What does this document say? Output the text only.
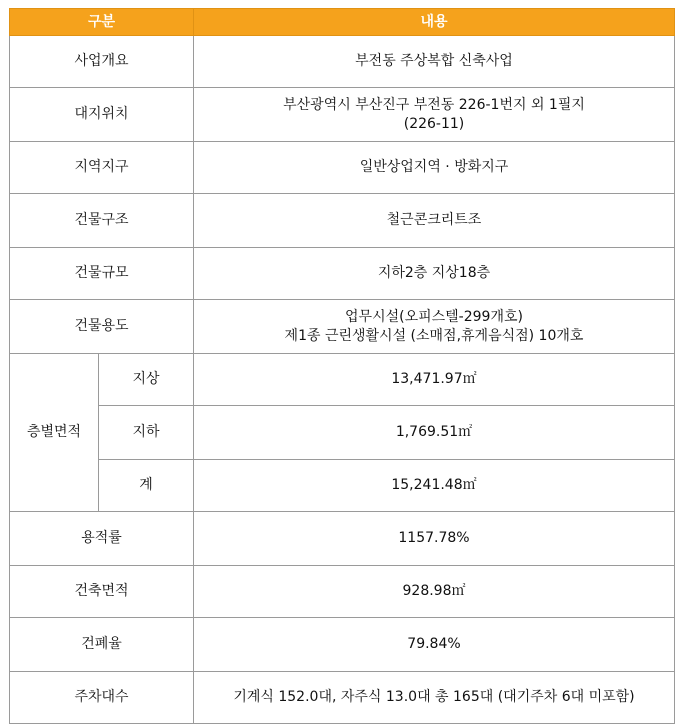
구분		내용
사업개요		부전동 주상복합 신축사업
대지위치		부산광역시 부산진구 부전동 226-1번지 외 1필지
(226-11)

지역지구		일반상업지역 · 방화지구
건물구조		철근콘크리트조
건물규모		지하2층 지상18층
건물용도		업무시설(오피스텔-299개호)
제1종 근린생활시설 (소매점,휴게음식점) 10개호

층별면적	지상	13,471.97㎡
	지하	1,769.51㎡
	계	15,241.48㎡
용적률		1157.78%
건축면적		928.98㎡
건폐율		79.84%
주차대수		기계식 152.0대, 자주식 13.0대 총 165대 (대기주차 6대 미포함)
